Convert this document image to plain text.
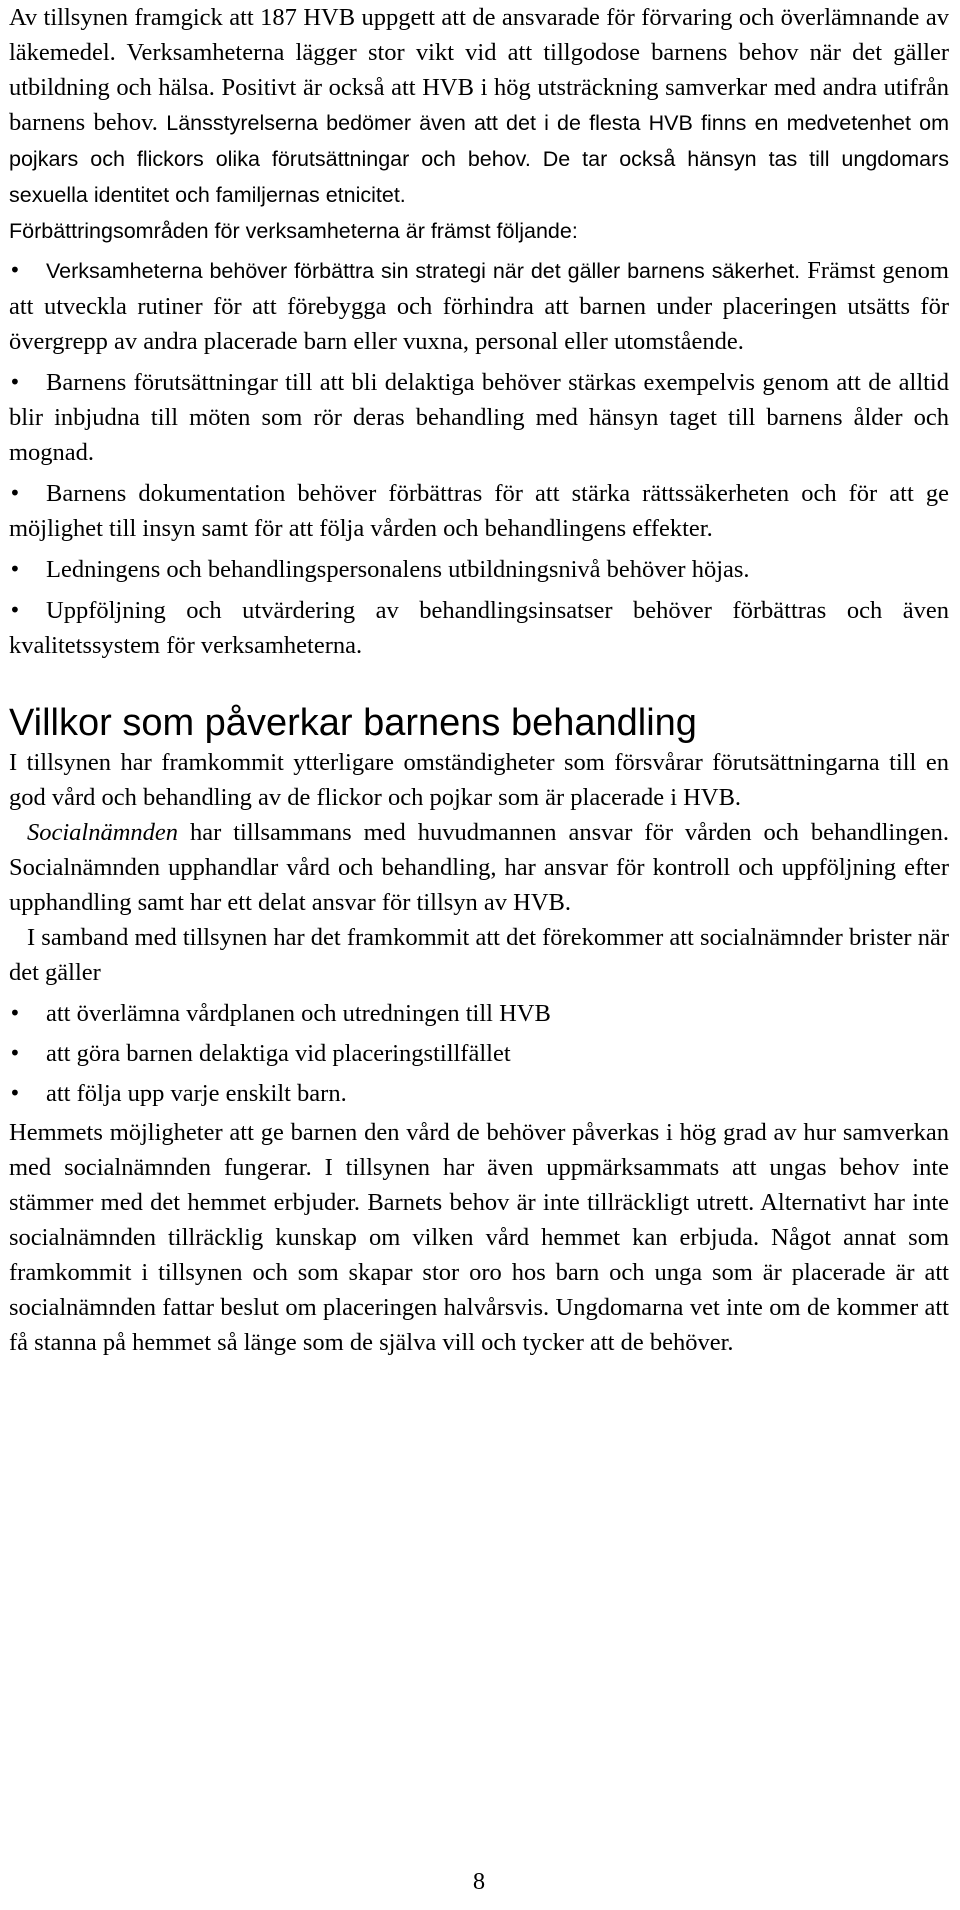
Av tillsynen framgick att 187 HVB uppgett att de ansvarade för förvaring och överlämnande av läkemedel. Verksamheterna lägger stor vikt vid att tillgodose barnens behov när det gäller utbildning och hälsa. Positivt är också att HVB i hög utsträckning samverkar med andra utifrån barnens behov. Länsstyrelserna bedömer även att det i de flesta HVB finns en medvetenhet om pojkars och flickors olika förutsättningar och behov. De tar också hänsyn tas till ungdomars sexuella identitet och familjernas etnicitet.

Förbättringsområden för verksamheterna är främst följande:

•	Verksamheterna behöver förbättra sin strategi när det gäller barnens säkerhet. Främst genom att utveckla rutiner för att förebygga och förhindra att barnen under placeringen utsätts för övergrepp av andra placerade barn eller vuxna, personal eller utomstående.
•	Barnens förutsättningar till att bli delaktiga behöver stärkas exempelvis genom att de alltid blir inbjudna till möten som rör deras behandling med hänsyn taget till barnens ålder och mognad.
•	Barnens dokumentation behöver förbättras för att stärka rättssäkerheten och för att ge möjlighet till insyn samt för att följa vården och behandlingens effekter.
•	Ledningens och behandlingspersonalens utbildningsnivå behöver höjas.
•	Uppföljning och utvärdering av behandlingsinsatser behöver förbättras och även kvalitetssystem för verksamheterna.
Villkor som påverkar barnens behandling

I tillsynen har framkommit ytterligare omständigheter som försvårar förutsättningarna till en god vård och behandling av de flickor och pojkar som är placerade i HVB.

Socialnämnden har tillsammans med huvudmannen ansvar för vården och behandlingen. Socialnämnden upphandlar vård och behandling, har ansvar för kontroll och uppföljning efter upphandling samt har ett delat ansvar för tillsyn av HVB.

I samband med tillsynen har det framkommit att det förekommer att socialnämnder brister när det gäller

•	att överlämna vårdplanen och utredningen till HVB
•	att göra barnen delaktiga vid placeringstillfället
•	att följa upp varje enskilt barn.

Hemmets möjligheter att ge barnen den vård de behöver påverkas i hög grad av hur samverkan med socialnämnden fungerar. I tillsynen har även uppmärksammats att ungas behov inte stämmer med det hemmet erbjuder. Barnets behov är inte tillräckligt utrett. Alternativt har inte socialnämnden tillräcklig kunskap om vilken vård hemmet kan erbjuda. Något annat som framkommit i tillsynen och som skapar stor oro hos barn och unga som är placerade är att socialnämnden fattar beslut om placeringen halvårsvis. Ungdomarna vet inte om de kommer att få stanna på hemmet så länge som de själva vill och tycker att de behöver.

8
